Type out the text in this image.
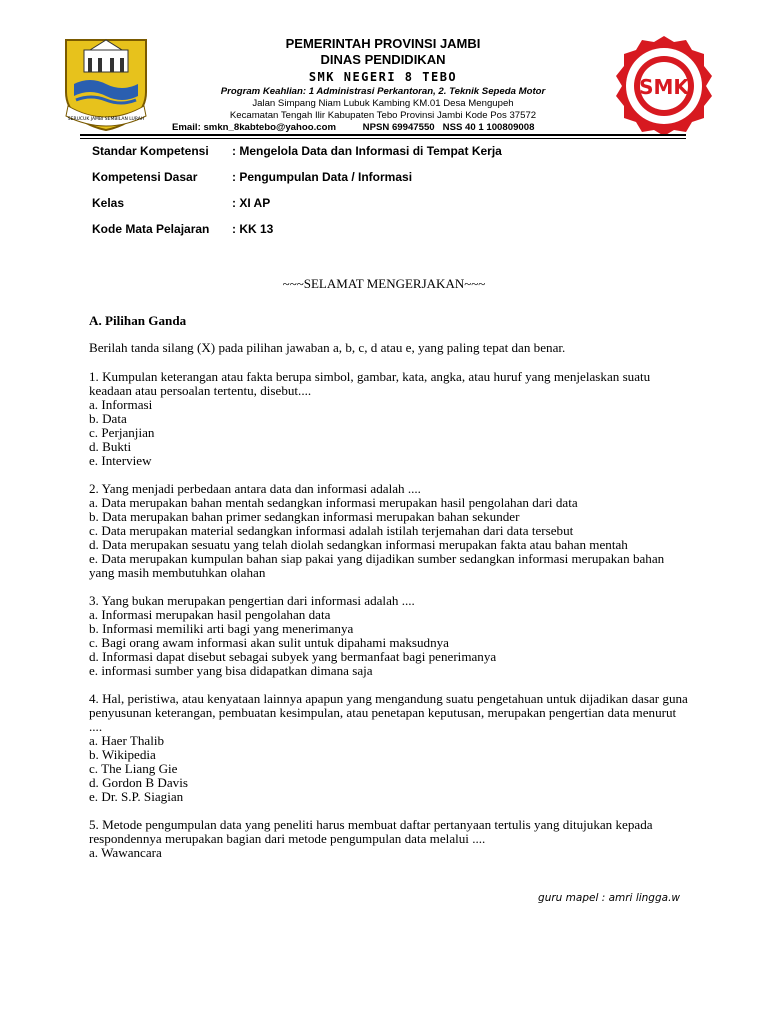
SERUCUK JAMBI SEMBILAN LURAH
SMK
PEMERINTAH PROVINSI JAMBI
DINAS PENDIDIKAN
SMK NEGERI 8 TEBO
Program Keahlian: 1 Administrasi Perkantoran, 2. Teknik Sepeda Motor
Jalan Simpang Niam Lubuk Kambing KM.01 Desa Mengupeh
Kecamatan Tengah Ilir Kabupaten Tebo Provinsi Jambi Kode Pos 37572
Email: smkn_8kabtebo@yahoo.com	NPSN 69947550 NSS 40 1 100809008
Standar Kompetensi	: Mengelola Data dan Informasi di Tempat Kerja
Kompetensi Dasar	: Pengumpulan Data / Informasi
Kelas	: XI AP
Kode Mata Pelajaran	: KK 13
~~~SELAMAT MENGERJAKAN~~~
A. Pilihan Ganda
Berilah tanda silang (X) pada pilihan jawaban a, b, c, d atau e, yang paling tepat dan benar.

1. Kumpulan keterangan atau fakta berupa simbol, gambar, kata, angka, atau huruf yang menjelaskan suatu keadaan atau persoalan tertentu, disebut....

a. Informasi

b. Data

c. Perjanjian

d. Bukti

e. Interview

2. Yang menjadi perbedaan antara data dan informasi adalah ....

a. Data merupakan bahan mentah sedangkan informasi merupakan hasil pengolahan dari data

b. Data merupakan bahan primer sedangkan informasi merupakan bahan sekunder

c. Data merupakan material sedangkan informasi adalah istilah terjemahan dari data tersebut

d. Data merupakan sesuatu yang telah diolah sedangkan informasi merupakan fakta atau bahan mentah

e. Data merupakan kumpulan bahan siap pakai yang dijadikan sumber sedangkan informasi merupakan bahan yang masih membutuhkan olahan

3. Yang bukan merupakan pengertian dari informasi adalah ....

a. Informasi merupakan hasil pengolahan data

b. Informasi memiliki arti bagi yang menerimanya

c. Bagi orang awam informasi akan sulit untuk dipahami maksudnya

d. Informasi dapat disebut sebagai subyek yang bermanfaat bagi penerimanya

e. informasi sumber yang bisa didapatkan dimana saja

4. Hal, peristiwa, atau kenyataan lainnya apapun yang mengandung suatu pengetahuan untuk dijadikan dasar guna penyusunan keterangan, pembuatan kesimpulan, atau penetapan keputusan, merupakan pengertian data menurut ....

a. Haer Thalib

b. Wikipedia

c. The Liang Gie

d. Gordon B Davis

e. Dr. S.P. Siagian

5. Metode pengumpulan data yang peneliti harus membuat daftar pertanyaan tertulis yang ditujukan kepada respondennya merupakan bagian dari metode pengumpulan data melalui ....

a. Wawancara

guru mapel : amri lingga.w
